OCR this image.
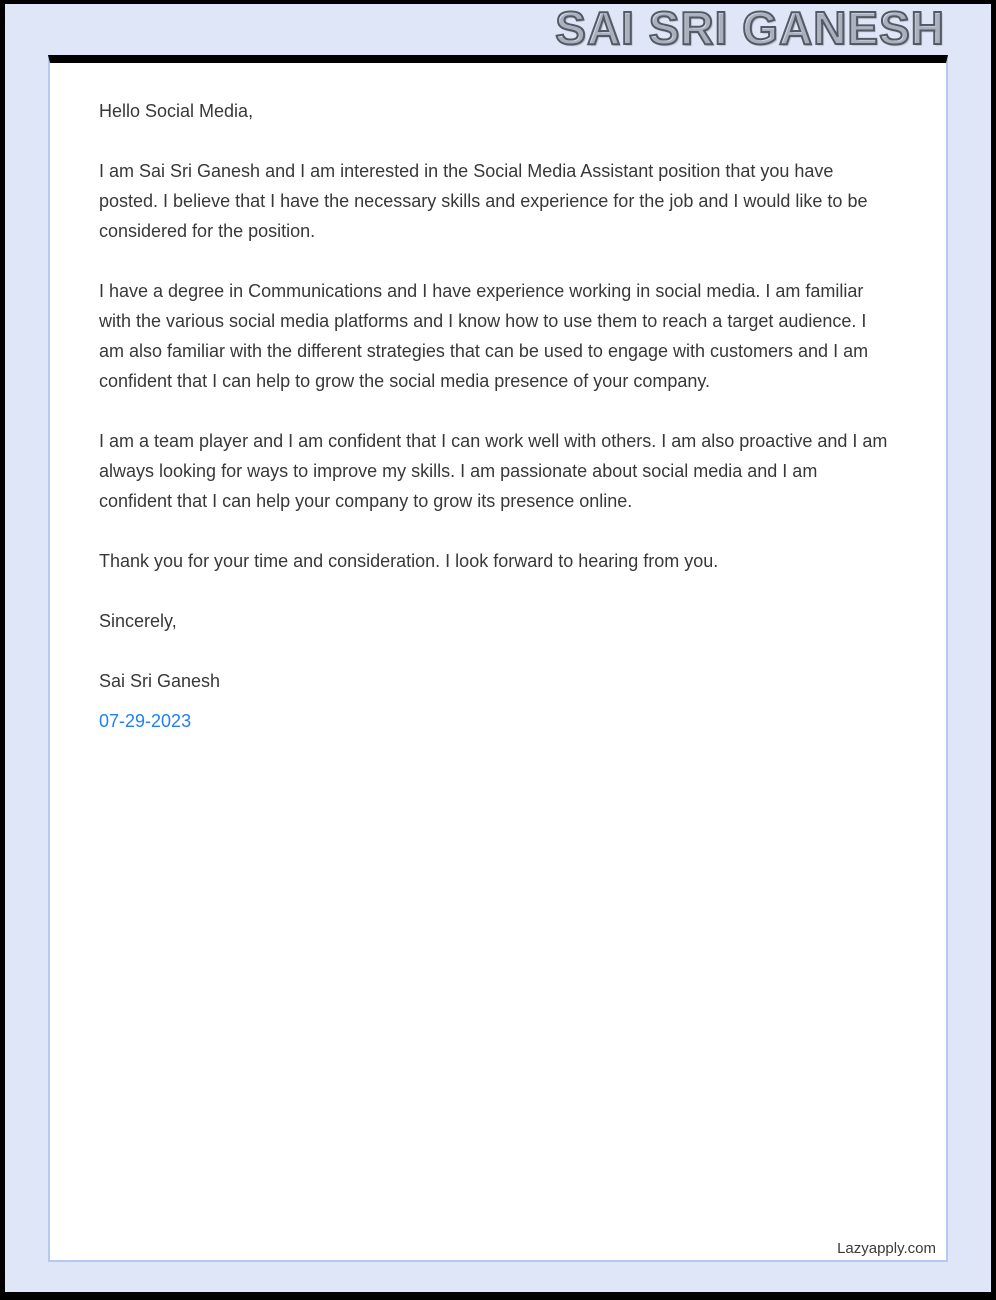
SAI SRI GANESH

Hello Social Media,

I am Sai Sri Ganesh and I am interested in the Social Media Assistant position that you have posted. I believe that I have the necessary skills and experience for the job and I would like to be considered for the position.

I have a degree in Communications and I have experience working in social media. I am familiar with the various social media platforms and I know how to use them to reach a target audience. I am also familiar with the different strategies that can be used to engage with customers and I am confident that I can help to grow the social media presence of your company.

I am a team player and I am confident that I can work well with others. I am also proactive and I am always looking for ways to improve my skills. I am passionate about social media and I am confident that I can help your company to grow its presence online.

Thank you for your time and consideration. I look forward to hearing from you.

Sincerely,

Sai Sri Ganesh

07-29-2023

Lazyapply.com
